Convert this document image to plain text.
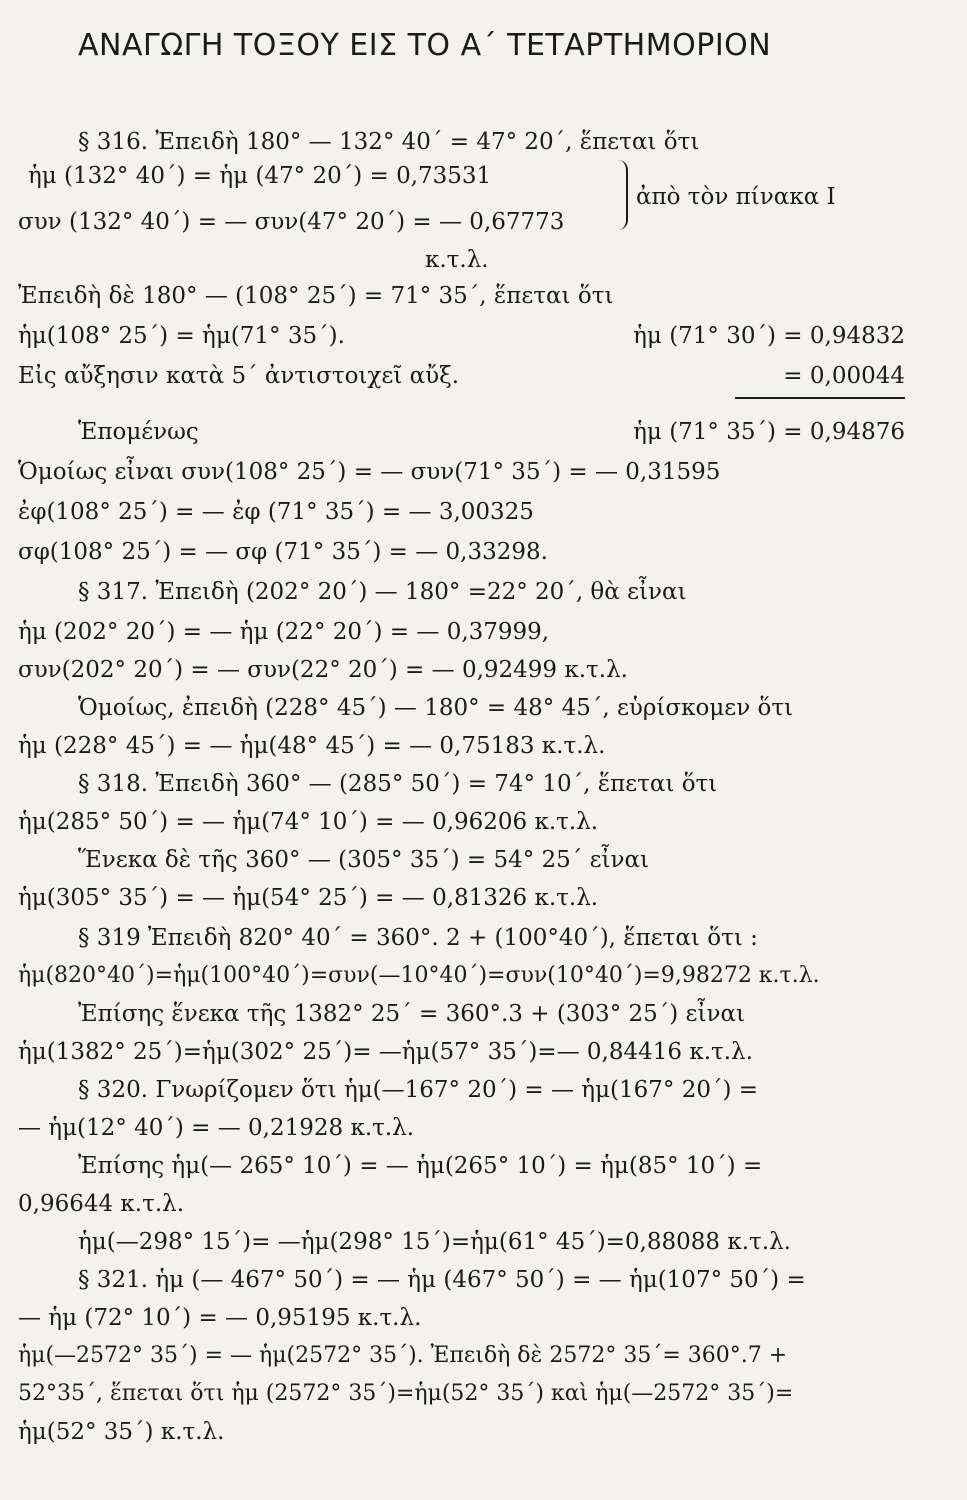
ΑΝΑΓΩΓΗ ΤΟΞΟΥ ΕΙΣ ΤΟ Α΄ ΤΕΤΑΡΤΗΜΟΡΙΟΝ
§ 316. Ἐπειδὴ 180° — 132° 40΄ = 47° 20΄, ἕπεται ὅτι
ἡμ (132° 40΄) = ἡμ (47° 20΄) = 0,73531
συν (132° 40΄) = — συν(47° 20΄) = — 0,67773
ἀπὸ τὸν πίνακα I
κ.τ.λ.
Ἐπειδὴ δὲ 180° — (108° 25΄) = 71° 35΄, ἕπεται ὅτι
ἡμ(108° 25΄) = ἡμ(71° 35΄).	ἡμ (71° 30΄) = 0,94832
Εἰς αὔξησιν κατὰ 5΄ ἀντιστοιχεῖ αὔξ.	= 0,00044
Ἑπομένως	ἡμ (71° 35΄) = 0,94876
Ὁμοίως εἶναι συν(108° 25΄) = — συν(71° 35΄) = — 0,31595
ἐφ(108° 25΄) = — ἐφ (71° 35΄) = — 3,00325
σφ(108° 25΄) = — σφ (71° 35΄) = — 0,33298.
§ 317. Ἐπειδὴ (202° 20΄) — 180° =22° 20΄, θὰ εἶναι
ἡμ (202° 20΄) = — ἡμ (22° 20΄) = — 0,37999,
συν(202° 20΄) = — συν(22° 20΄) = — 0,92499 κ.τ.λ.
Ὁμοίως, ἐπειδὴ (228° 45΄) — 180° = 48° 45΄, εὑρίσκομεν ὅτι
ἡμ (228° 45΄) = — ἡμ(48° 45΄) = — 0,75183 κ.τ.λ.
§ 318. Ἐπειδὴ 360° — (285° 50΄) = 74° 10΄, ἕπεται ὅτι
ἡμ(285° 50΄) = — ἡμ(74° 10΄) = — 0,96206 κ.τ.λ.
Ἕνεκα δὲ τῆς 360° — (305° 35΄) = 54° 25΄ εἶναι
ἡμ(305° 35΄) = — ἡμ(54° 25΄) = — 0,81326 κ.τ.λ.
§ 319 Ἐπειδὴ 820° 40΄ = 360°. 2 + (100°40΄), ἕπεται ὅτι :
ἡμ(820°40΄)=ἡμ(100°40΄)=συν(—10°40΄)=συν(10°40΄)=9,98272 κ.τ.λ.
Ἐπίσης ἕνεκα τῆς 1382° 25΄ = 360°.3 + (303° 25΄) εἶναι
ἡμ(1382° 25΄)=ἡμ(302° 25΄)= —ἡμ(57° 35΄)=— 0,84416 κ.τ.λ.
§ 320. Γνωρίζομεν ὅτι ἡμ(—167° 20΄) = — ἡμ(167° 20΄) =
— ἡμ(12° 40΄) = — 0,21928 κ.τ.λ.
Ἐπίσης ἡμ(— 265° 10΄) = — ἡμ(265° 10΄) = ἡμ(85° 10΄) =
0,96644 κ.τ.λ.
ἡμ(—298° 15΄)= —ἡμ(298° 15΄)=ἡμ(61° 45΄)=0,88088 κ.τ.λ.
§ 321. ἡμ (— 467° 50΄) = — ἡμ (467° 50΄) = — ἡμ(107° 50΄) =
— ἡμ (72° 10΄) = — 0,95195 κ.τ.λ.
ἡμ(—2572° 35΄) = — ἡμ(2572° 35΄). Ἐπειδὴ δὲ 2572° 35΄= 360°.7 +
52°35΄, ἕπεται ὅτι ἡμ (2572° 35΄)=ἡμ(52° 35΄) καὶ ἡμ(—2572° 35΄)=
ἡμ(52° 35΄) κ.τ.λ.
